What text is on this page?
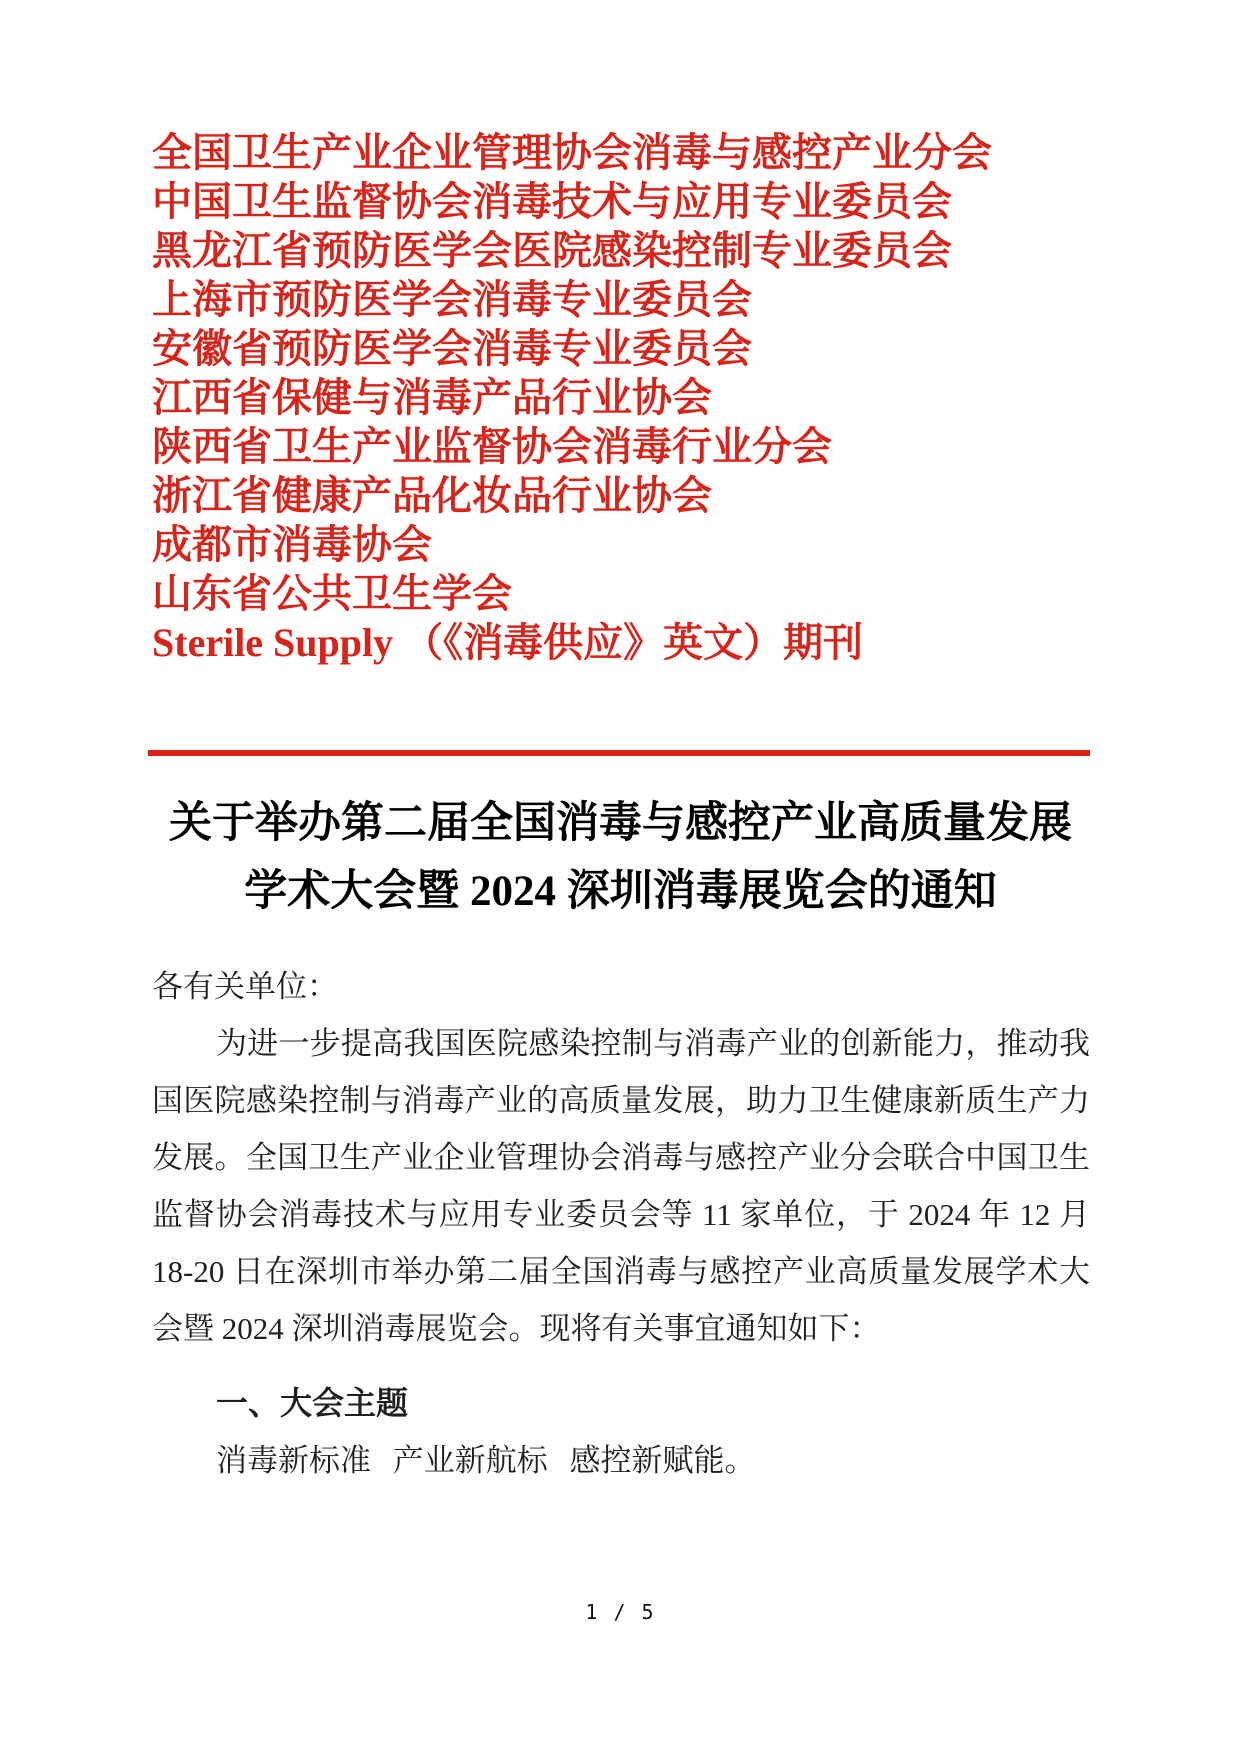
全国卫生产业企业管理协会消毒与感控产业分会
中国卫生监督协会消毒技术与应用专业委员会
黑龙江省预防医学会医院感染控制专业委员会
上海市预防医学会消毒专业委员会
安徽省预防医学会消毒专业委员会
江西省保健与消毒产品行业协会
陕西省卫生产业监督协会消毒行业分会
浙江省健康产品化妆品行业协会
成都市消毒协会
山东省公共卫生学会
Sterile Supply （《消毒供应》英文）期刊
关于举办第二届全国消毒与感控产业高质量发展
学术大会暨 2024 深圳消毒展览会的通知

各有关单位：

为进一步提高我国医院感染控制与消毒产业的创新能力，推动我国医院感染控制与消毒产业的高质量发展，助力卫生健康新质生产力发展。全国卫生产业企业管理协会消毒与感控产业分会联合中国卫生监督协会消毒技术与应用专业委员会等 11 家单位，于 2024 年 12 月 18-20 日在深圳市举办第二届全国消毒与感控产业高质量发展学术大会暨 2024 深圳消毒展览会。现将有关事宜通知如下：

一、大会主题

消毒新标准 产业新航标 感控新赋能。

1 / 5
